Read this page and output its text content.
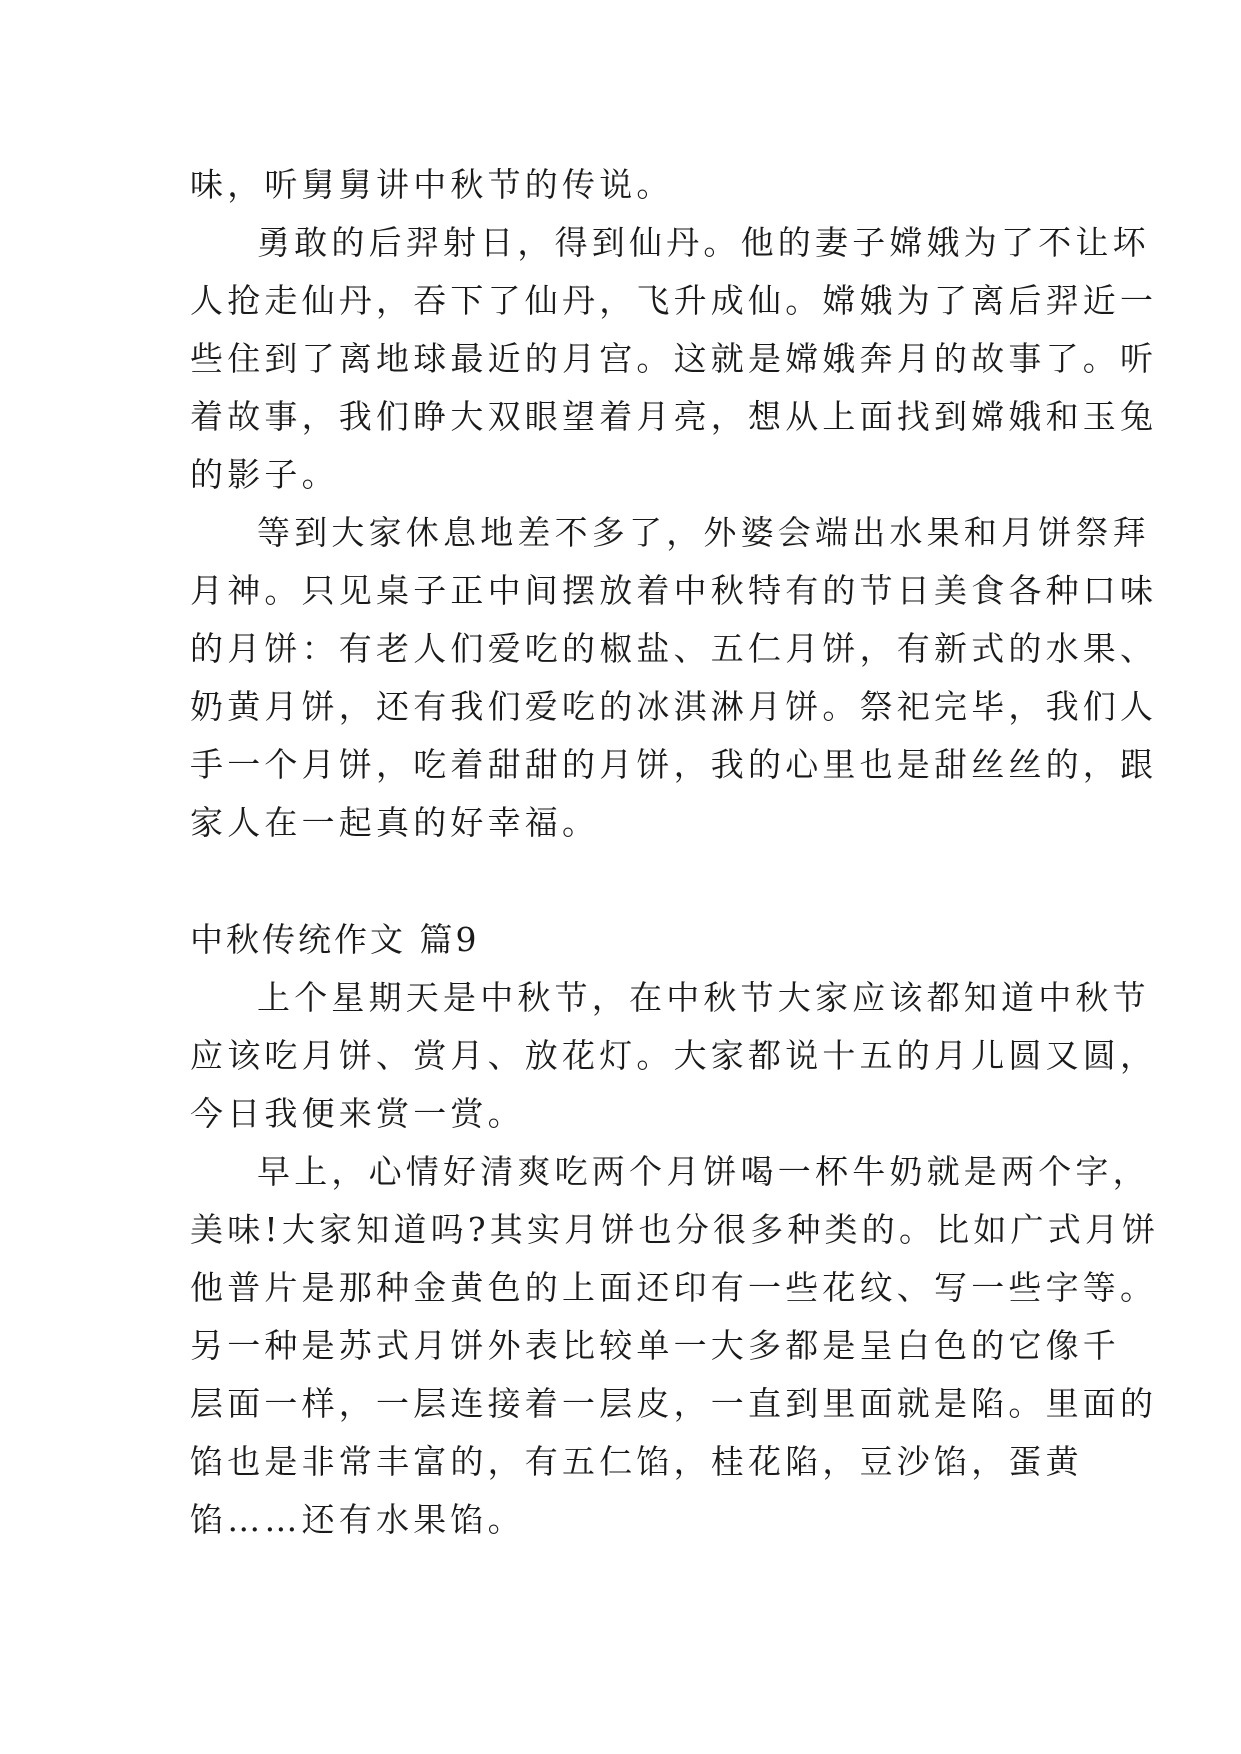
味，听舅舅讲中秋节的传说。
勇敢的后羿射日，得到仙丹。他的妻子嫦娥为了不让坏
人抢走仙丹，吞下了仙丹，飞升成仙。嫦娥为了离后羿近一
些住到了离地球最近的月宫。这就是嫦娥奔月的故事了。听
着故事，我们睁大双眼望着月亮，想从上面找到嫦娥和玉兔
的影子。
等到大家休息地差不多了，外婆会端出水果和月饼祭拜
月神。只见桌子正中间摆放着中秋特有的节日美食各种口味
的月饼：有老人们爱吃的椒盐、五仁月饼，有新式的水果、
奶黄月饼，还有我们爱吃的冰淇淋月饼。祭祀完毕，我们人
手一个月饼，吃着甜甜的月饼，我的心里也是甜丝丝的，跟
家人在一起真的好幸福。
中秋传统作文 篇9
上个星期天是中秋节，在中秋节大家应该都知道中秋节
应该吃月饼、赏月、放花灯。大家都说十五的月儿圆又圆，
今日我便来赏一赏。
早上，心情好清爽吃两个月饼喝一杯牛奶就是两个字，
美味!大家知道吗?其实月饼也分很多种类的。比如广式月饼
他普片是那种金黄色的上面还印有一些花纹、写一些字等。
另一种是苏式月饼外表比较单一大多都是呈白色的它像千
层面一样，一层连接着一层皮，一直到里面就是陷。里面的
馅也是非常丰富的，有五仁馅，桂花陷，豆沙馅，蛋黄
馅……还有水果馅。
